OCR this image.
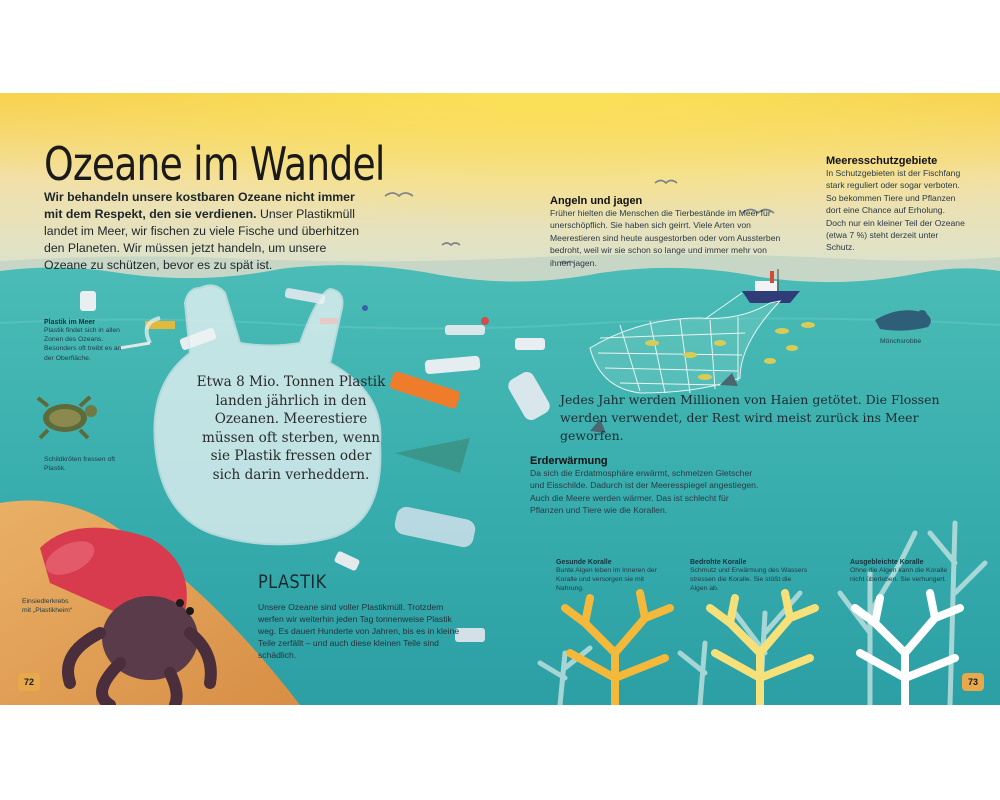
Ozeane im Wandel
Wir behandeln unsere kostbaren Ozeane nicht immer mit dem Respekt, den sie verdienen. Unser Plastikmüll landet im Meer, wir fischen zu viele Fische und überhitzen den Planeten. Wir müssen jetzt handeln, um unsere Ozeane zu schützen, bevor es zu spät ist.
Angeln und jagen
Früher hielten die Menschen die Tierbestände im Meer für unerschöpflich. Sie haben sich geirrt. Viele Arten von Meerestieren sind heute ausgestorben oder vom Aussterben bedroht, weil wir sie schon so lange und immer mehr von ihnen jagen.
Meeresschutzgebiete
In Schutzgebieten ist der Fischfang stark reguliert oder sogar verboten. So bekommen Tiere und Pflanzen dort eine Chance auf Erholung. Doch nur ein kleiner Teil der Ozeane (etwa 7 %) steht derzeit unter Schutz.
Plastik im Meer
Plastik findet sich in allen Zonen des Ozeans. Besonders oft treibt es an der Oberfläche.
Schildkröten fressen oft Plastik.
Einsiedlerkrebs mit „Plastikheim“
Mönchsrobbe
Etwa 8 Mio. Tonnen Plastik landen jährlich in den Ozeanen. Meerestiere müssen oft sterben, wenn sie Plastik fressen oder sich darin verheddern.
Jedes Jahr werden Millionen von Haien getötet. Die Flossen werden verwendet, der Rest wird meist zurück ins Meer geworfen.
Erderwärmung
Da sich die Erdatmosphäre erwärmt, schmelzen Gletscher und Eisschilde. Dadurch ist der Meeresspiegel angestiegen. Auch die Meere werden wärmer. Das ist schlecht für Pflanzen und Tiere wie die Korallen.
PLASTIK
Unsere Ozeane sind voller Plastikmüll. Trotzdem werfen wir weiterhin jeden Tag tonnenweise Plastik weg. Es dauert Hunderte von Jahren, bis es in kleine Teile zerfällt – und auch diese kleinen Teile sind schädlich.
Gesunde Koralle
Bunte Algen leben im Inneren der Koralle und versorgen sie mit Nahrung.
Bedrohte Koralle
Schmutz und Erwärmung des Wassers stressen die Koralle. Sie stößt die Algen ab.
Ausgebleichte Koralle
Ohne die Algen kann die Koralle nicht überleben. Sie verhungert.
72	73
